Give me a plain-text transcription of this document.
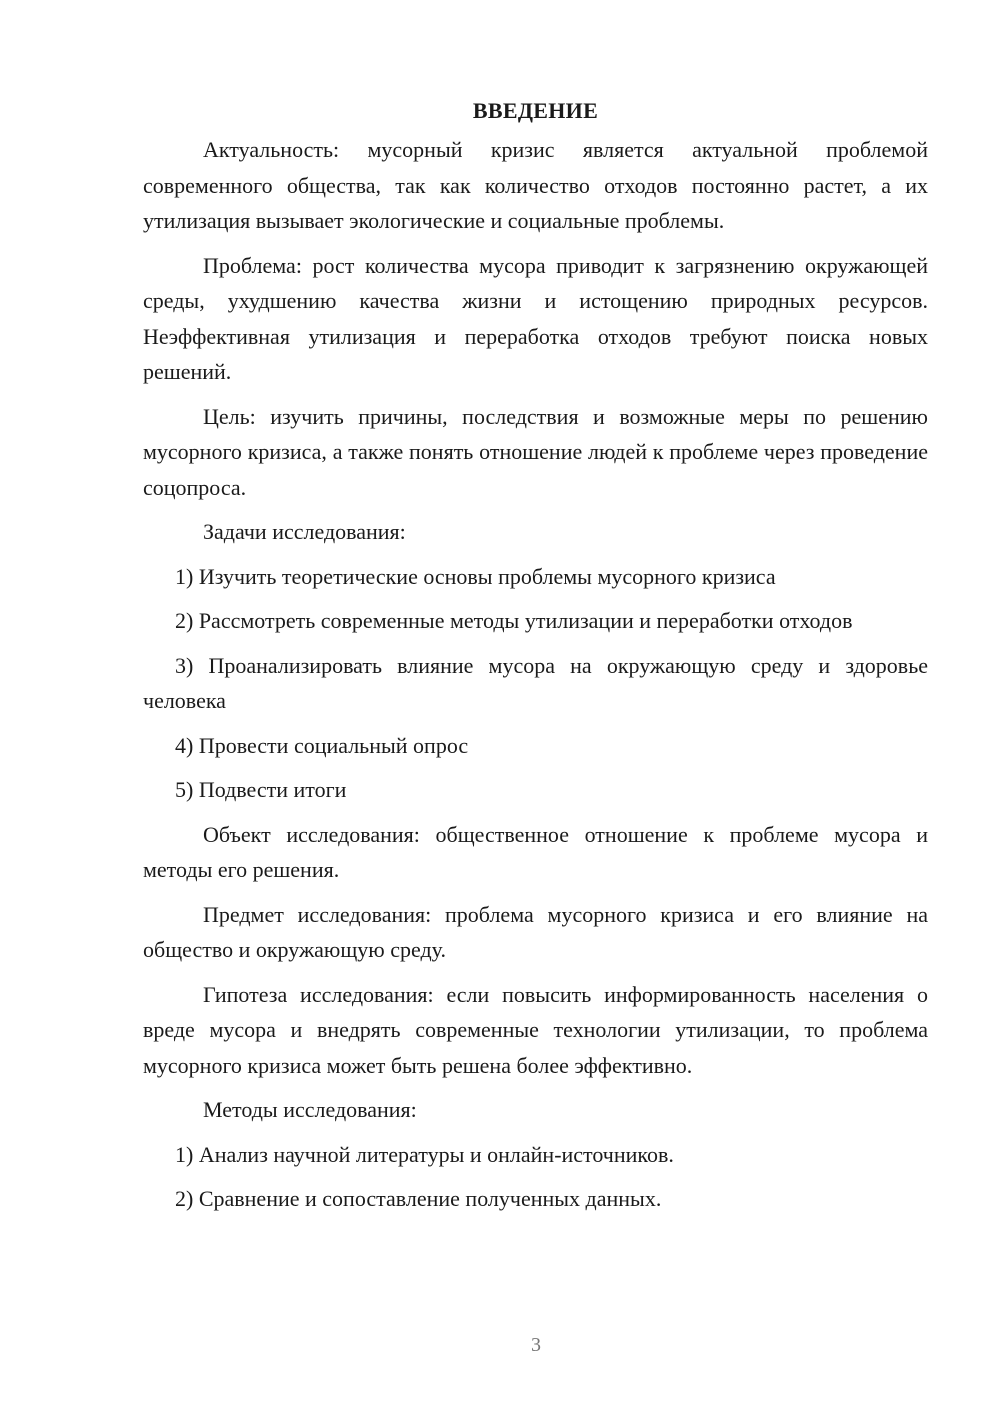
ВВЕДЕНИЕ

Актуальность: мусорный кризис является актуальной проблемой современного общества, так как количество отходов постоянно растет, а их утилизация вызывает экологические и социальные проблемы.

Проблема: рост количества мусора приводит к загрязнению окружающей среды, ухудшению качества жизни и истощению природных ресурсов. Неэффективная утилизация и переработка отходов требуют поиска новых решений.

Цель: изучить причины, последствия и возможные меры по решению мусорного кризиса, а также понять отношение людей к проблеме через проведение соцопроса.

Задачи исследования:

1) Изучить теоретические основы проблемы мусорного кризиса

2) Рассмотреть современные методы утилизации и переработки отходов

3) Проанализировать влияние мусора на окружающую среду и здоровье человека

4) Провести социальный опрос

5) Подвести итоги

Объект исследования: общественное отношение к проблеме мусора и методы его решения.

Предмет исследования: проблема мусорного кризиса и его влияние на общество и окружающую среду.

Гипотеза исследования: если повысить информированность населения о вреде мусора и внедрять современные технологии утилизации, то проблема мусорного кризиса может быть решена более эффективно.

Методы исследования:

1) Анализ научной литературы и онлайн-источников.

2) Сравнение и сопоставление полученных данных.

3
